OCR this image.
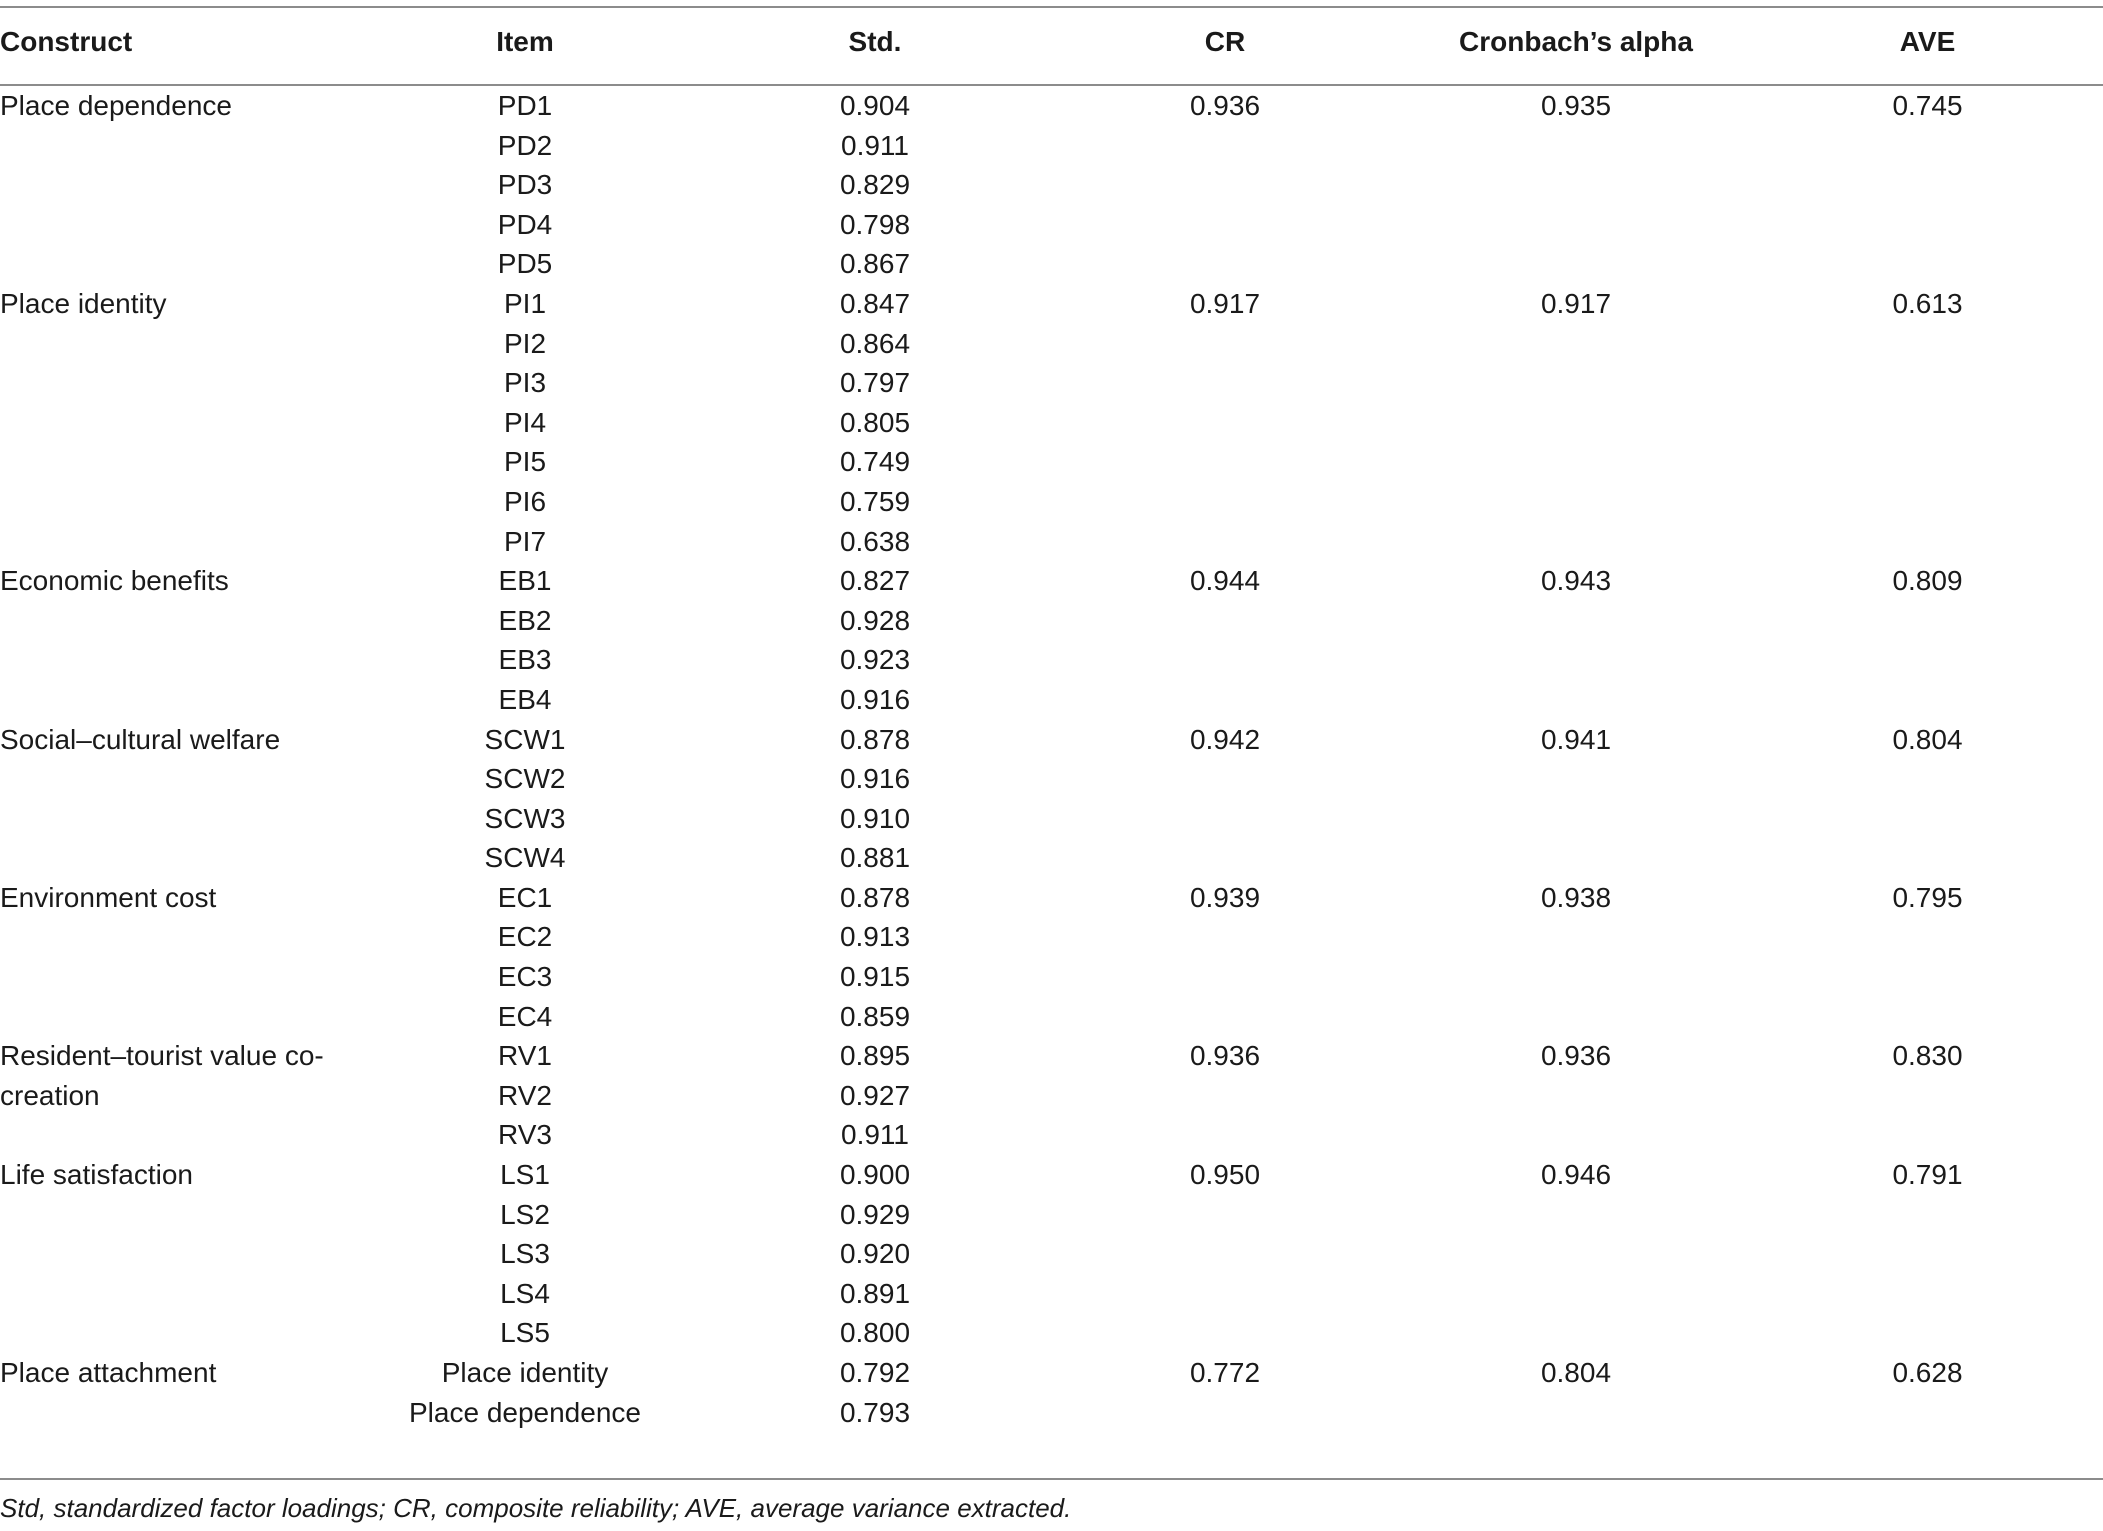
Construct	Item	Std.	CR	Cronbach’s alpha	AVE

Place dependence	PD1	0.904	0.936	0.935	0.745
	PD2	0.911			
	PD3	0.829			
	PD4	0.798			
	PD5	0.867			
Place identity	PI1	0.847	0.917	0.917	0.613
	PI2	0.864			
	PI3	0.797			
	PI4	0.805			
	PI5	0.749			
	PI6	0.759			
	PI7	0.638			
Economic benefits	EB1	0.827	0.944	0.943	0.809
	EB2	0.928			
	EB3	0.923			
	EB4	0.916			
Social–cultural welfare	SCW1	0.878	0.942	0.941	0.804
	SCW2	0.916			
	SCW3	0.910			
	SCW4	0.881			
Environment cost	EC1	0.878	0.939	0.938	0.795
	EC2	0.913			
	EC3	0.915			
	EC4	0.859			
Resident–tourist value co-creation	RV1	0.895	0.936	0.936	0.830
	RV2	0.927			
	RV3	0.911			
Life satisfaction	LS1	0.900	0.950	0.946	0.791
	LS2	0.929			
	LS3	0.920			
	LS4	0.891			
	LS5	0.800			
Place attachment	Place identity	0.792	0.772	0.804	0.628
	Place dependence	0.793			
Std, standardized factor loadings; CR, composite reliability; AVE, average variance extracted.
